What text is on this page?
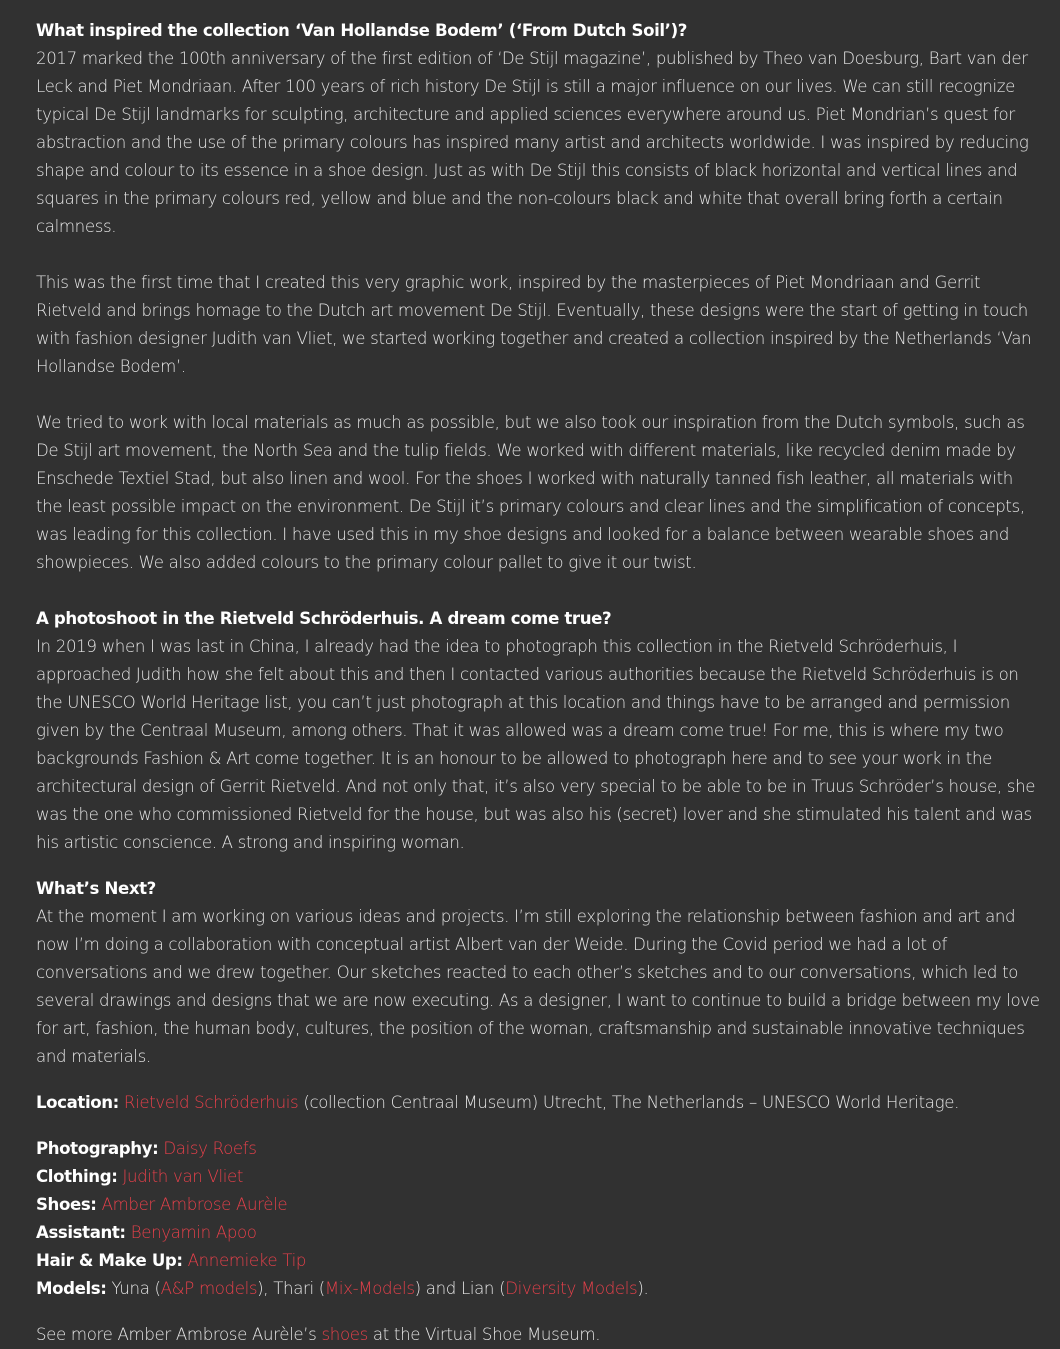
What inspired the collection ‘Van Hollandse Bodem’ (‘From Dutch Soil’)?
2017 marked the 100th anniversary of the first edition of ‘De Stijl magazine’, published by Theo van Doesburg, Bart van der Leck and Piet Mondriaan. After 100 years of rich history De Stijl is still a major influence on our lives. We can still recognize typical De Stijl landmarks for sculpting, architecture and applied sciences everywhere around us. Piet Mondrian’s quest for abstraction and the use of the primary colours has inspired many artist and architects worldwide. I was inspired by reducing shape and colour to its essence in a shoe design. Just as with De Stijl this consists of black horizontal and vertical lines and squares in the primary colours red, yellow and blue and the non-colours black and white that overall bring forth a certain calmness.

This was the first time that I created this very graphic work, inspired by the masterpieces of Piet Mondriaan and Gerrit Rietveld and brings homage to the Dutch art movement De Stijl. Eventually, these designs were the start of getting in touch with fashion designer Judith van Vliet, we started working together and created a collection inspired by the Netherlands ‘Van Hollandse Bodem’.

We tried to work with local materials as much as possible, but we also took our inspiration from the Dutch symbols, such as De Stijl art movement, the North Sea and the tulip fields. We worked with different materials, like recycled denim made by Enschede Textiel Stad, but also linen and wool. For the shoes I worked with naturally tanned fish leather, all materials with the least possible impact on the environment. De Stijl it’s primary colours and clear lines and the simplification of concepts, was leading for this collection. I have used this in my shoe designs and looked for a balance between wearable shoes and showpieces. We also added colours to the primary colour pallet to give it our twist.

A photoshoot in the Rietveld Schröderhuis. A dream come true?
In 2019 when I was last in China, I already had the idea to photograph this collection in the Rietveld Schröderhuis, I approached Judith how she felt about this and then I contacted various authorities because the Rietveld Schröderhuis is on the UNESCO World Heritage list, you can’t just photograph at this location and things have to be arranged and permission given by the Centraal Museum, among others. That it was allowed was a dream come true! For me, this is where my two backgrounds Fashion & Art come together. It is an honour to be allowed to photograph here and to see your work in the architectural design of Gerrit Rietveld. And not only that, it’s also very special to be able to be in Truus Schröder’s house, she was the one who commissioned Rietveld for the house, but was also his (secret) lover and she stimulated his talent and was his artistic conscience. A strong and inspiring woman.

What’s Next?
At the moment I am working on various ideas and projects. I’m still exploring the relationship between fashion and art and now I’m doing a collaboration with conceptual artist Albert van der Weide. During the Covid period we had a lot of conversations and we drew together. Our sketches reacted to each other’s sketches and to our conversations, which led to several drawings and designs that we are now executing. As a designer, I want to continue to build a bridge between my love for art, fashion, the human body, cultures, the position of the woman, craftsmanship and sustainable innovative techniques and materials.

Location: Rietveld Schröderhuis (collection Centraal Museum) Utrecht, The Netherlands – UNESCO World Heritage.

Photography: Daisy Roefs
Clothing: Judith van Vliet
Shoes: Amber Ambrose Aurèle
Assistant: Benyamin Apoo
Hair & Make Up: Annemieke Tip
Models: Yuna (A&P models), Thari (Mix-Models) and Lian (Diversity Models).

See more Amber Ambrose Aurèle’s shoes at the Virtual Shoe Museum.
